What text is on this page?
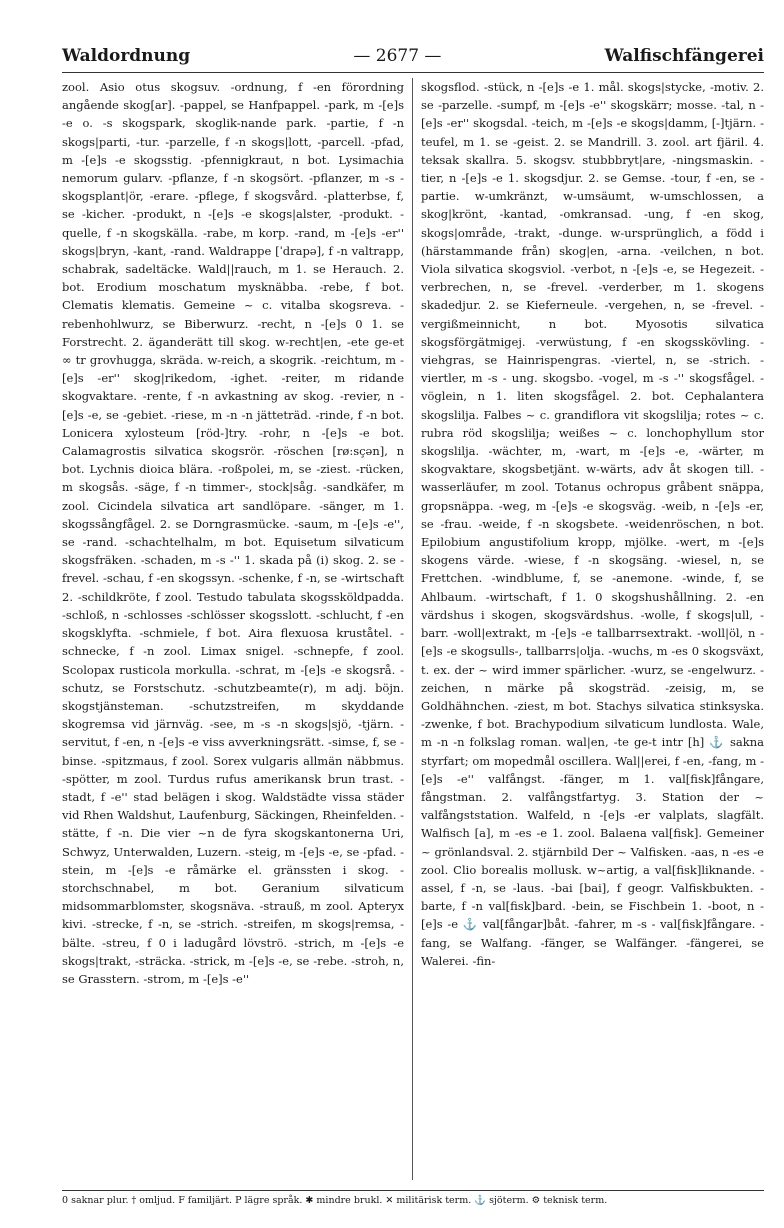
Waldordnung	— 2677 —	Walfischfängerei

zool. Asio otus skogsuv. -ordnung, f -en förordning angående skog[ar]. -pappel, se Hanfpappel. -park, m -[e]s -e o. -s skogspark, skoglik-nande park. -partie, f -n skogs|parti, -tur. -parzelle, f -n skogs|lott, -parcell. -pfad, m -[e]s -e skogsstig. -pfennigkraut, n bot. Lysimachia nemorum gularv. -pflanze, f -n skogsört. -pflanzer, m -s - skogsplant|ör, -erare. -pflege, f skogsvård. -platterbse, f, se -kicher. -produkt, n -[e]s -e skogs|alster, -produkt. -quelle, f -n skogskälla. -rabe, m korp. -rand, m -[e]s -er'' skogs|bryn, -kant, -rand. Waldrappe [ˈdrapə], f -n valtrapp, schabrak, sadeltäcke. Wald||rauch, m 1. se Herauch. 2. bot. Erodium moschatum mysknäbba. -rebe, f bot. Clematis klematis. Gemeine ~ c. vitalba skogsreva. -rebenhohlwurz, se Biberwurz. -recht, n -[e]s 0 1. se Forstrecht. 2. äganderätt till skog. w-recht|en, -ete ge-et ∞ tr grovhugga, skräda. w-reich, a skogrik. -reichtum, m -[e]s -er'' skog|rikedom, -ighet. -reiter, m ridande skogvaktare. -rente, f -n avkastning av skog. -revier, n -[e]s -e, se -gebiet. -riese, m -n -n jätteträd. -rinde, f -n bot. Lonicera xylosteum [röd-]try. -rohr, n -[e]s -e bot. Calamagrostis silvatica skogsrör. -röschen [rø:sçən], n bot. Lychnis dioica blära. -roßpolei, m, se -ziest. -rücken, m skogsås. -säge, f -n timmer-, stock|såg. -sandkäfer, m zool. Cicindela silvatica art sandlöpare. -sänger, m 1. skogssångfågel. 2. se Dorngrasmücke. -saum, m -[e]s -e'', se -rand. -schachtelhalm, m bot. Equisetum silvaticum skogsfräken. -schaden, m -s -'' 1. skada på (i) skog. 2. se -frevel. -schau, f -en skogssyn. -schenke, f -n, se -wirtschaft 2. -schildkröte, f zool. Testudo tabulata skogssköldpadda. -schloß, n -schlosses -schlösser skogsslott. -schlucht, f -en skogsklyfta. -schmiele, f bot. Aira flexuosa kruståtel. -schnecke, f -n zool. Limax snigel. -schnepfe, f zool. Scolopax rusticola morkulla. -schrat, m -[e]s -e skogsrå. -schutz, se Forstschutz. -schutzbeamte(r), m adj. böjn. skogstjänsteman. -schutzstreifen, m skyddande skogremsa vid järnväg. -see, m -s -n skogs|sjö, -tjärn. -servitut, f -en, n -[e]s -e viss avverkningsrätt. -simse, f, se -binse. -spitzmaus, f zool. Sorex vulgaris allmän näbbmus. -spötter, m zool. Turdus rufus amerikansk brun trast. -stadt, f -e'' stad belägen i skog. Waldstädte vissa städer vid Rhen Waldshut, Laufenburg, Säckingen, Rheinfelden. -stätte, f -n. Die vier ~n de fyra skogskantonerna Uri, Schwyz, Unterwalden, Luzern. -steig, m -[e]s -e, se -pfad. -stein, m -[e]s -e råmärke el. gränssten i skog. -storchschnabel, m bot. Geranium silvaticum midsommarblomster, skogsnäva. -strauß, m zool. Apteryx kivi. -strecke, f -n, se -strich. -streifen, m skogs|remsa, -bälte. -streu, f 0 i ladugård lövströ. -strich, m -[e]s -e skogs|trakt, -sträcka. -strick, m -[e]s -e, se -rebe. -stroh, n, se Grasstern. -strom, m -[e]s -e''

skogsflod. -stück, n -[e]s -e 1. mål. skogs|stycke, -motiv. 2. se -parzelle. -sumpf, m -[e]s -e'' skogskärr; mosse. -tal, n -[e]s -er'' skogsdal. -teich, m -[e]s -e skogs|damm, [-]tjärn. -teufel, m 1. se -geist. 2. se Mandrill. 3. zool. art fjäril. 4. teksak skallra. 5. skogsv. stubbbryt|are, -ningsmaskin. -tier, n -[e]s -e 1. skogsdjur. 2. se Gemse. -tour, f -en, se -partie. w-umkränzt, w-umsäumt, w-umschlossen, a skog|krönt, -kantad, -omkransad. -ung, f -en skog, skogs|område, -trakt, -dunge. w-ursprünglich, a född i (härstammande från) skog|en, -arna. -veilchen, n bot. Viola silvatica skogsviol. -verbot, n -[e]s -e, se Hegezeit. -verbrechen, n, se -frevel. -verderber, m 1. skogens skadedjur. 2. se Kieferneule. -vergehen, n, se -frevel. -vergißmeinnicht, n bot. Myosotis silvatica skogsförgätmigej. -verwüstung, f -en skogsskövling. -viehgras, se Hainrispengras. -viertel, n, se -strich. -viertler, m -s - ung. skogsbo. -vogel, m -s -'' skogsfågel. -vöglein, n 1. liten skogsfågel. 2. bot. Cephalantera skogslilja. Falbes ~ c. grandiflora vit skogslilja; rotes ~ c. rubra röd skogslilja; weißes ~ c. lonchophyllum stor skogslilja. -wächter, m, -wart, m -[e]s -e, -wärter, m skogvaktare, skogsbetjänt. w-wärts, adv åt skogen till. -wasserläufer, m zool. Totanus ochropus gråbent snäppa, gropsnäppa. -weg, m -[e]s -e skogsväg. -weib, n -[e]s -er, se -frau. -weide, f -n skogsbete. -weidenröschen, n bot. Epilobium angustifolium kropp, mjölke. -wert, m -[e]s skogens värde. -wiese, f -n skogsäng. -wiesel, n, se Frettchen. -windblume, f, se -anemone. -winde, f, se Ahlbaum. -wirtschaft, f 1. 0 skogshushållning. 2. -en värdshus i skogen, skogsvärdshus. -wolle, f skogs|ull, -barr. -woll|extrakt, m -[e]s -e tallbarrsextrakt. -woll|öl, n -[e]s -e skogsulls-, tallbarrs|olja. -wuchs, m -es 0 skogsväxt, t. ex. der ~ wird immer spärlicher. -wurz, se -engelwurz. -zeichen, n märke på skogsträd. -zeisig, m, se Goldhähnchen. -ziest, m bot. Stachys silvatica stinksyska. -zwenke, f bot. Brachypodium silvaticum lundlosta. Wale, m -n -n folkslag roman. wal|en, -te ge-t intr [h] ⚓ sakna styrfart; om mopedmål oscillera. Wal||erei, f -en, -fang, m -[e]s -e'' valfångst. -fänger, m 1. val[fisk]fångare, fångstman. 2. valfångstfartyg. 3. Station der ~ valfångststation. Walfeld, n -[e]s -er valplats, slagfält. Walfisch [a], m -es -e 1. zool. Balaena val[fisk]. Gemeiner ~ grönlandsval. 2. stjärnbild Der ~ Valfisken. -aas, n -es -e zool. Clio borealis mollusk. w~artig, a val[fisk]liknande. -assel, f -n, se -laus. -bai [bai], f geogr. Valfiskbukten. -barte, f -n val[fisk]bard. -bein, se Fischbein 1. -boot, n -[e]s -e ⚓ val[fångar]båt. -fahrer, m -s - val[fisk]fångare. -fang, se Walfang. -fänger, se Walfänger. -fängerei, se Walerei. -fin-

0 saknar plur. † omljud. F familjärt. P lägre språk. ✱ mindre brukl. ✕ militärisk term. ⚓ sjöterm. ⚙ teknisk term.
